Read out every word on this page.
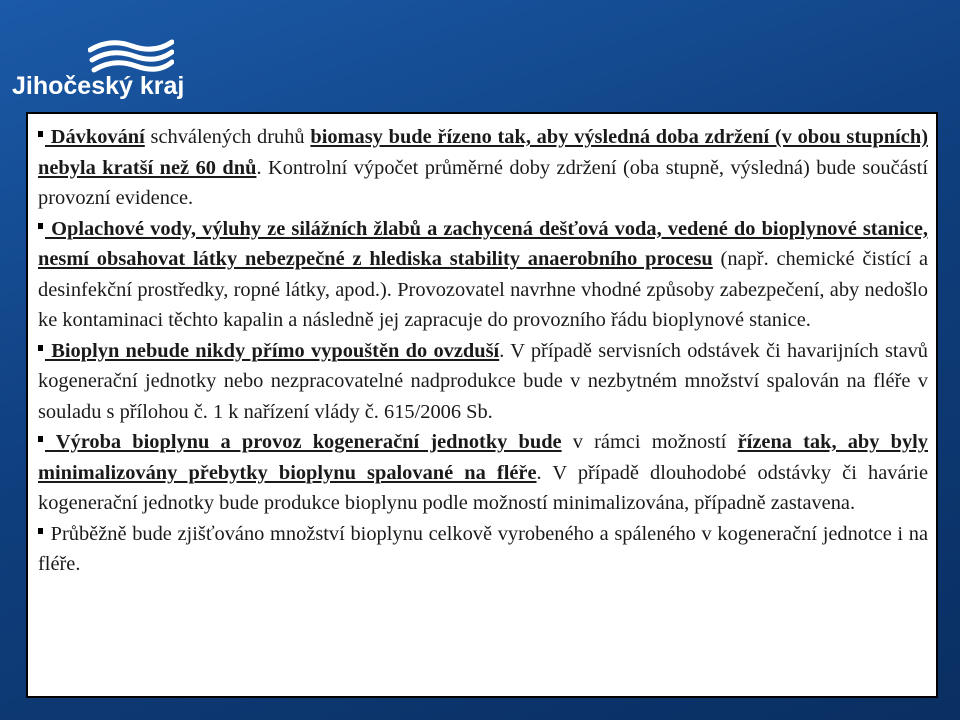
Jihočeský kraj

Dávkování schválených druhů biomasy bude řízeno tak, aby výsledná doba zdržení (v obou stupních) nebyla kratší než 60 dnů. Kontrolní výpočet průměrné doby zdržení (oba stupně, výsledná) bude součástí provozní evidence.

Oplachové vody, výluhy ze silážních žlabů a zachycená dešťová voda, vedené do bioplynové stanice, nesmí obsahovat látky nebezpečné z hlediska stability anaerobního procesu (např. chemické čistící a desinfekční prostředky, ropné látky, apod.). Provozovatel navrhne vhodné způsoby zabezpečení, aby nedošlo ke kontaminaci těchto kapalin a následně jej zapracuje do provozního řádu bioplynové stanice.

Bioplyn nebude nikdy přímo vypouštěn do ovzduší. V případě servisních odstávek či havarijních stavů kogenerační jednotky nebo nezpracovatelné nadprodukce bude v nezbytném množství spalován na fléře v souladu s přílohou č. 1 k nařízení vlády č. 615/2006 Sb.

Výroba bioplynu a provoz kogenerační jednotky bude v rámci možností řízena tak, aby byly minimalizovány přebytky bioplynu spalované na fléře. V případě dlouhodobé odstávky či havárie kogenerační jednotky bude produkce bioplynu podle možností minimalizována, případně zastavena.

Průběžně bude zjišťováno množství bioplynu celkově vyrobeného a spáleného v kogenerační jednotce i na fléře.
